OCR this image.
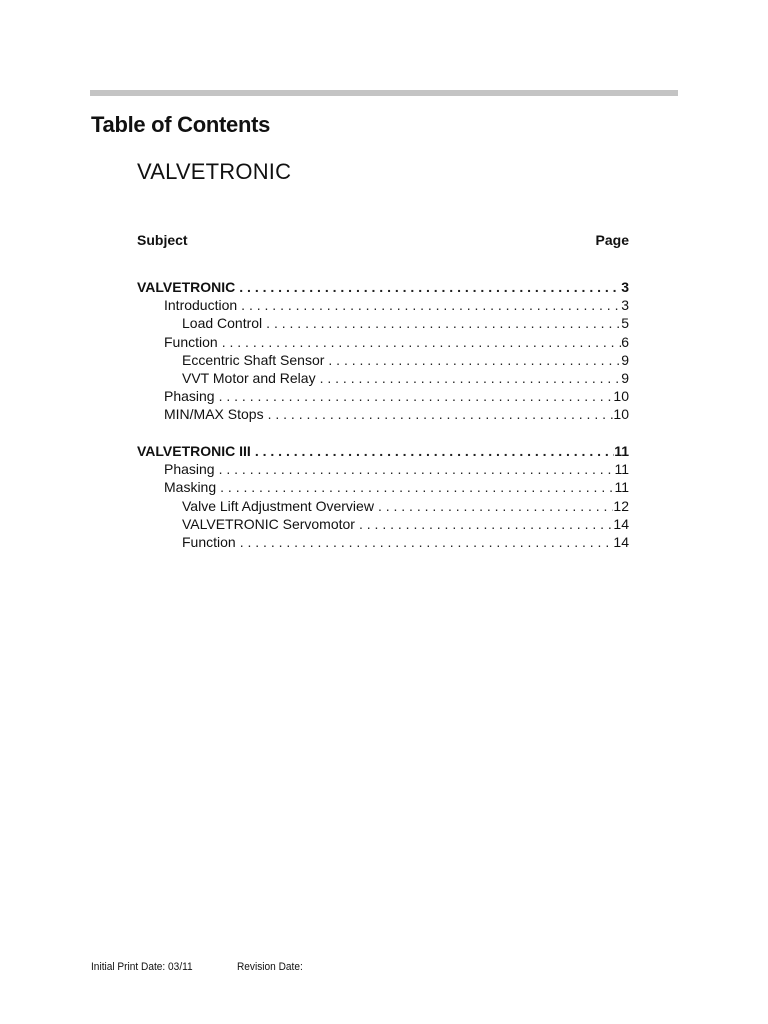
Table of Contents
VALVETRONIC
Subject	Page
VALVETRONIC . . .	3
Introduction . . .	3
Load Control . . .	5
Function . . .	6
Eccentric Shaft Sensor . . .	9
VVT Motor and Relay . . .	9
Phasing . . .	10
MIN/MAX Stops . . .	10
VALVETRONIC III . . .	11
Phasing . . .	11
Masking . . .	11
Valve Lift Adjustment Overview . . .	12
VALVETRONIC Servomotor . . .	14
Function . . .	14
Initial Print Date: 03/11	Revision Date:
